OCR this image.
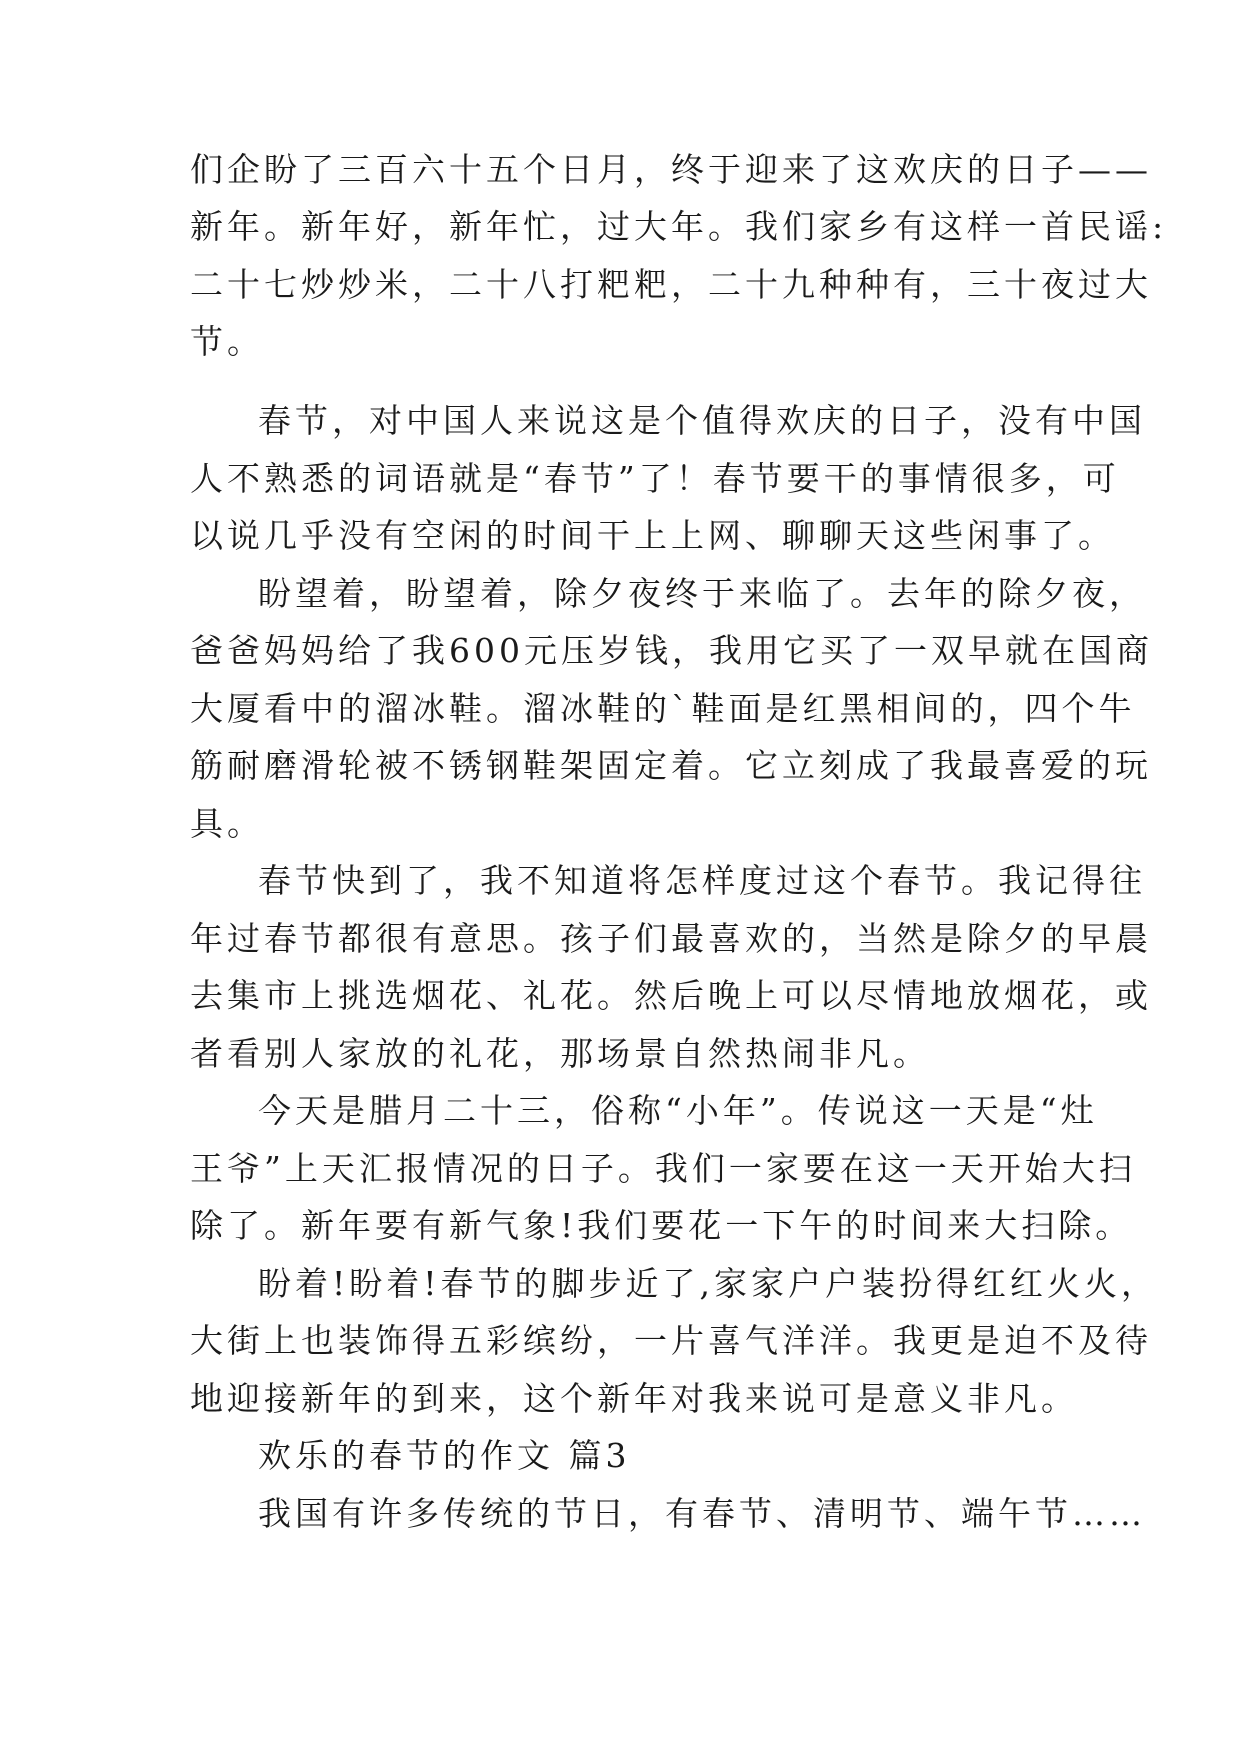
们企盼了三百六十五个日月，终于迎来了这欢庆的日子——
新年。新年好，新年忙，过大年。我们家乡有这样一首民谣:
二十七炒炒米，二十八打粑粑，二十九种种有，三十夜过大
节。
春节，对中国人来说这是个值得欢庆的日子，没有中国
人不熟悉的词语就是“春节”了！春节要干的事情很多，可
以说几乎没有空闲的时间干上上网、聊聊天这些闲事了。
盼望着，盼望着，除夕夜终于来临了。去年的除夕夜，
爸爸妈妈给了我600元压岁钱，我用它买了一双早就在国商
大厦看中的溜冰鞋。溜冰鞋的`鞋面是红黑相间的，四个牛
筋耐磨滑轮被不锈钢鞋架固定着。它立刻成了我最喜爱的玩
具。
春节快到了，我不知道将怎样度过这个春节。我记得往
年过春节都很有意思。孩子们最喜欢的，当然是除夕的早晨
去集市上挑选烟花、礼花。然后晚上可以尽情地放烟花，或
者看别人家放的礼花，那场景自然热闹非凡。
今天是腊月二十三，俗称“小年”。传说这一天是“灶
王爷”上天汇报情况的日子。我们一家要在这一天开始大扫
除了。新年要有新气象!我们要花一下午的时间来大扫除。
盼着!盼着!春节的脚步近了,家家户户装扮得红红火火，
大街上也装饰得五彩缤纷，一片喜气洋洋。我更是迫不及待
地迎接新年的到来，这个新年对我来说可是意义非凡。
欢乐的春节的作文 篇3
我国有许多传统的节日，有春节、清明节、端午节……
